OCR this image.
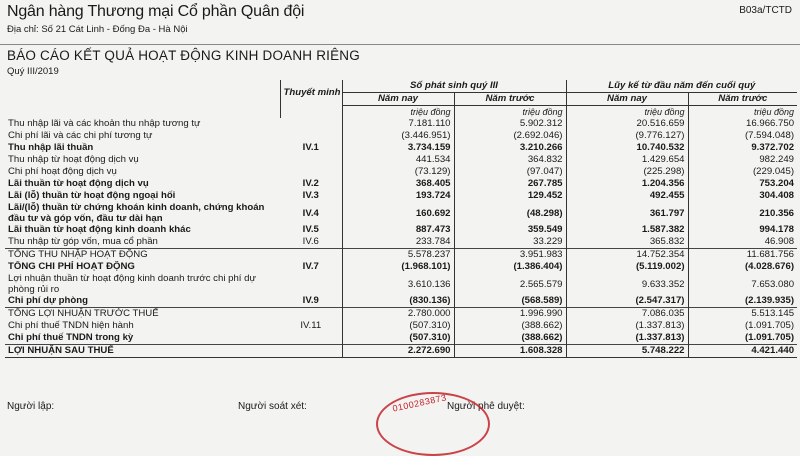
Ngân hàng Thương mại Cổ phần Quân đội	B03a/TCTD
Địa chỉ: Số 21 Cát Linh - Đống Đa - Hà Nội
BÁO CÁO KẾT QUẢ HOẠT ĐỘNG KINH DOANH RIÊNG
Quý III/2019
	Thuyết minh	Số phát sinh quý III		Lũy kế từ đầu năm đến cuối quý	
		Năm nay	Năm trước	Năm nay	Năm trước
		triệu đồng	triệu đồng	triệu đồng	triệu đồng
Thu nhập lãi và các khoản thu nhập tương tự		7.181.110	5.902.312	20.516.659	16.966.750
Chi phí lãi và các chi phí tương tự		(3.446.951)	(2.692.046)	(9.776.127)	(7.594.048)
Thu nhập lãi thuần	IV.1	3.734.159	3.210.266	10.740.532	9.372.702
Thu nhập từ hoạt động dịch vụ		441.534	364.832	1.429.654	982.249
Chi phí hoạt động dịch vụ		(73.129)	(97.047)	(225.298)	(229.045)
Lãi thuần từ hoạt động dịch vụ	IV.2	368.405	267.785	1.204.356	753.204
Lãi (lỗ) thuần từ hoạt động ngoại hối	IV.3	193.724	129.452	492.455	304.408
Lãi/(lỗ) thuần từ chứng khoán kinh doanh, chứng khoán đầu tư và góp vốn, đầu tư dài hạn	IV.4	160.692	(48.298)	361.797	210.356
Lãi thuần từ hoạt động kinh doanh khác	IV.5	887.473	359.549	1.587.382	994.178
Thu nhập từ góp vốn, mua cổ phần	IV.6	233.784	33.229	365.832	46.908
TỔNG THU NHẬP HOẠT ĐỘNG		5.578.237	3.951.983	14.752.354	11.681.756
TỔNG CHI PHÍ HOẠT ĐỘNG	IV.7	(1.968.101)	(1.386.404)	(5.119.002)	(4.028.676)
Lợi nhuận thuần từ hoạt động kinh doanh trước chi phí dự phòng rủi ro		3.610.136	2.565.579	9.633.352	7.653.080
Chi phí dự phòng	IV.9	(830.136)	(568.589)	(2.547.317)	(2.139.935)
TỔNG LỢI NHUẬN TRƯỚC THUẾ		2.780.000	1.996.990	7.086.035	5.513.145
Chi phí thuế TNDN hiện hành	IV.11	(507.310)	(388.662)	(1.337.813)	(1.091.705)
Chi phí thuế TNDN trong kỳ		(507.310)	(388.662)	(1.337.813)	(1.091.705)
LỢI NHUẬN SAU THUẾ		2.272.690	1.608.328	5.748.222	4.421.440
Người lập:	Người soát xét:	Người phê duyệt:
0100283873
